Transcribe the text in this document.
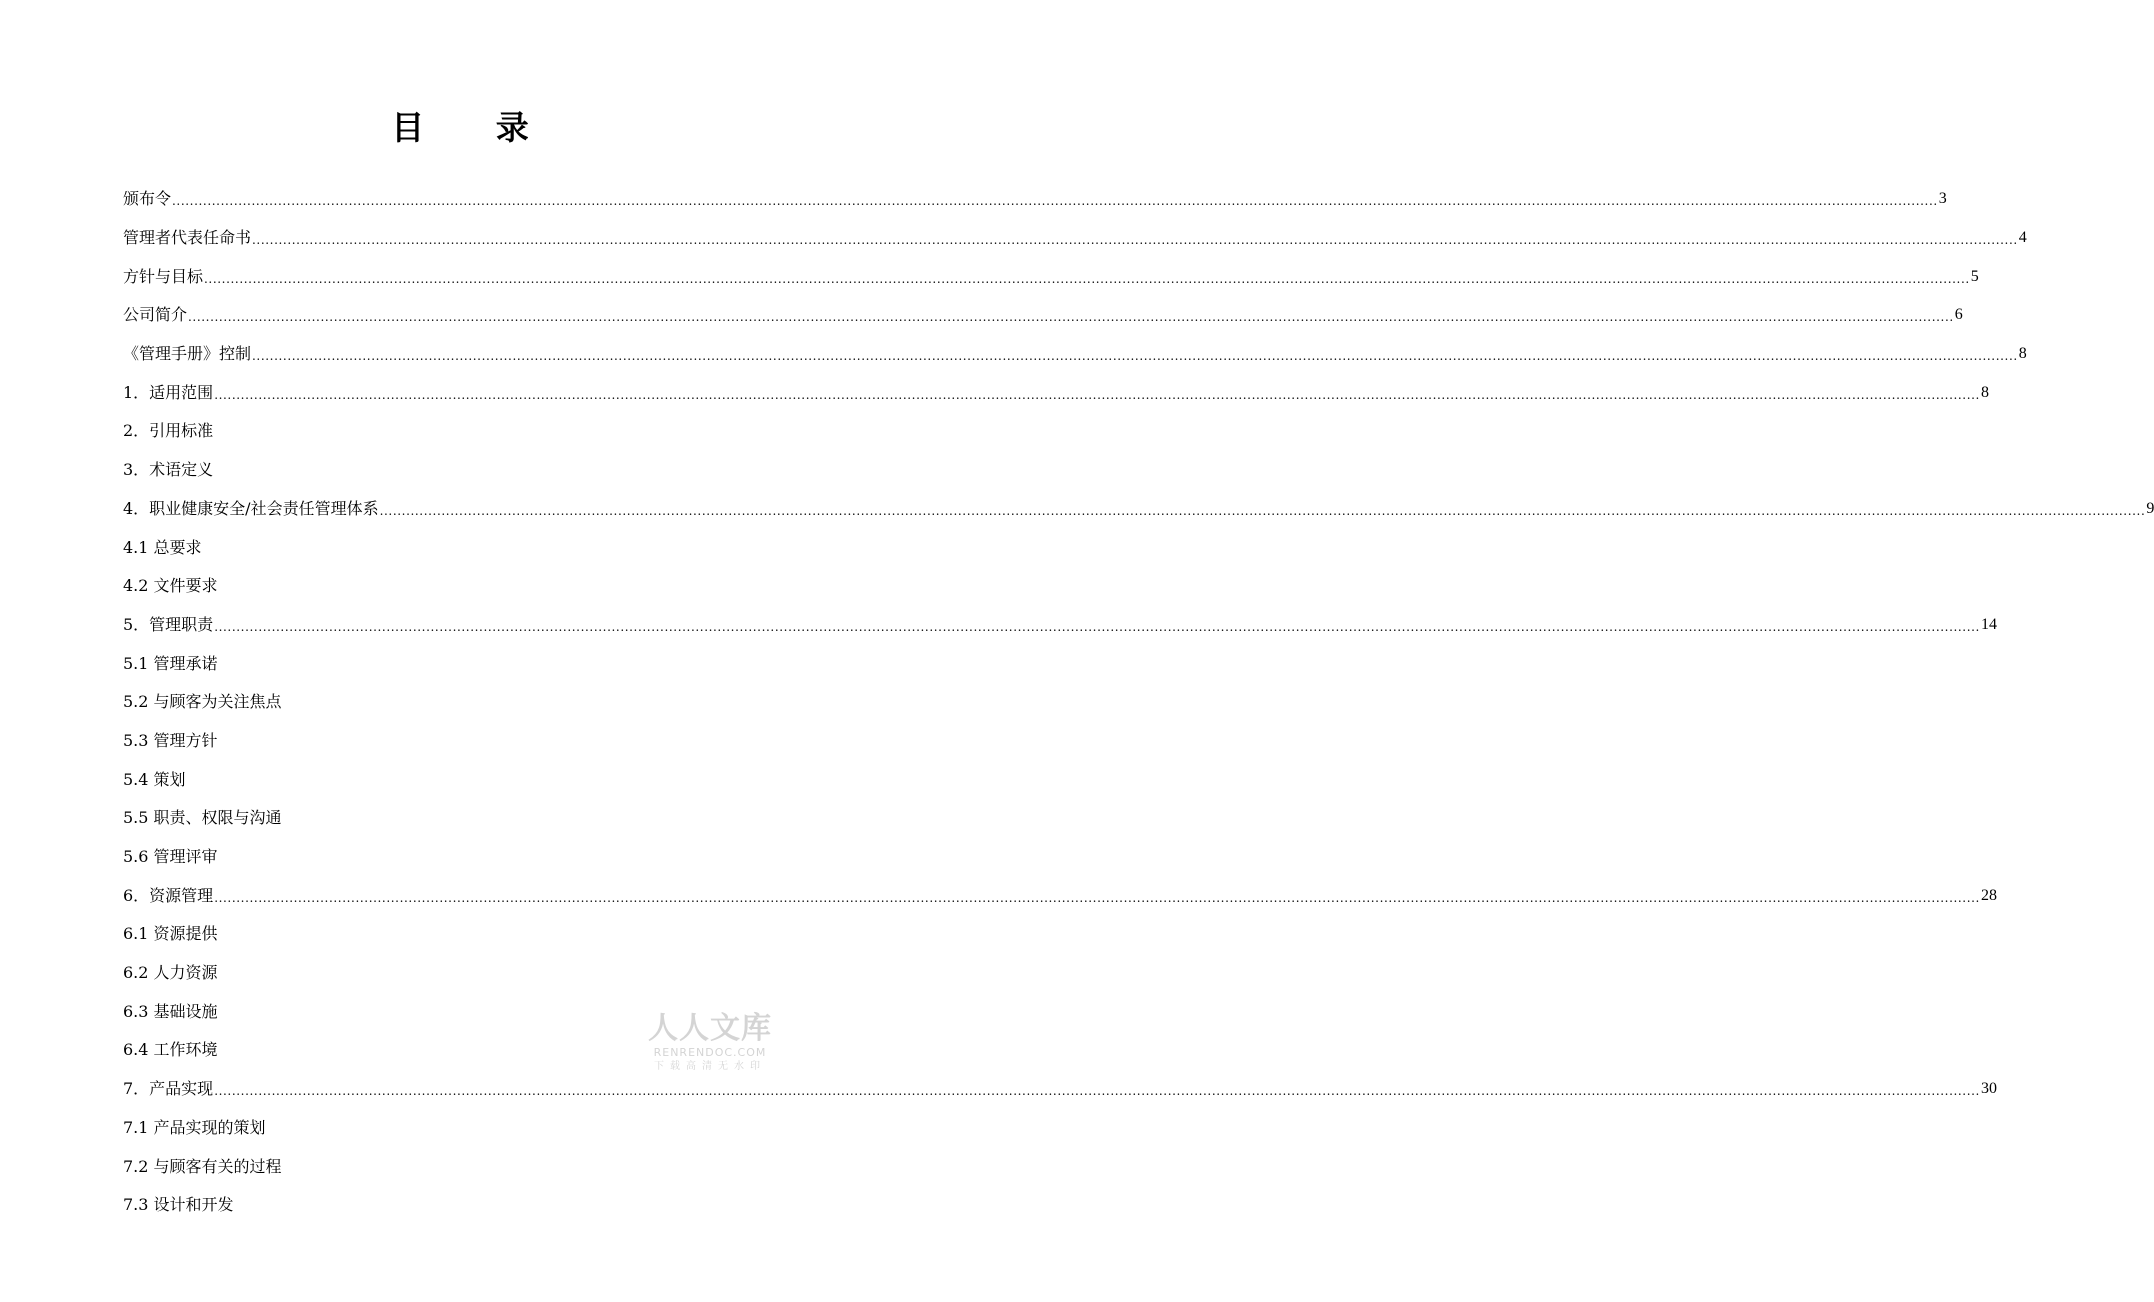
目 录
颁布令 ................................................................................................................................................................................................................................................................................................................................................................................................................ 3
管理者代表任命书 ................................................................................................................................................................................................................................................................................................................................................................................................................ 4
方针与目标 ................................................................................................................................................................................................................................................................................................................................................................................................................ 5
公司简介 ................................................................................................................................................................................................................................................................................................................................................................................................................ 6
《管理手册》控制 ................................................................................................................................................................................................................................................................................................................................................................................................................ 8
1．适用范围 ................................................................................................................................................................................................................................................................................................................................................................................................................ 8
2．引用标准
3．术语定义
4．职业健康安全/社会责任管理体系 ................................................................................................................................................................................................................................................................................................................................................................................................................ 9
4.1 总要求
4.2 文件要求
5．管理职责 ................................................................................................................................................................................................................................................................................................................................................................................................................ 14
5.1 管理承诺
5.2 与顾客为关注焦点
5.3 管理方针
5.4 策划
5.5 职责、权限与沟通
5.6 管理评审
6．资源管理 ................................................................................................................................................................................................................................................................................................................................................................................................................ 28
6.1 资源提供
6.2 人力资源
6.3 基础设施
6.4 工作环境
7．产品实现 ................................................................................................................................................................................................................................................................................................................................................................................................................ 30
7.1 产品实现的策划
7.2 与顾客有关的过程
7.3 设计和开发
人人文库
RENRENDOC.COM
下载高清无水印
